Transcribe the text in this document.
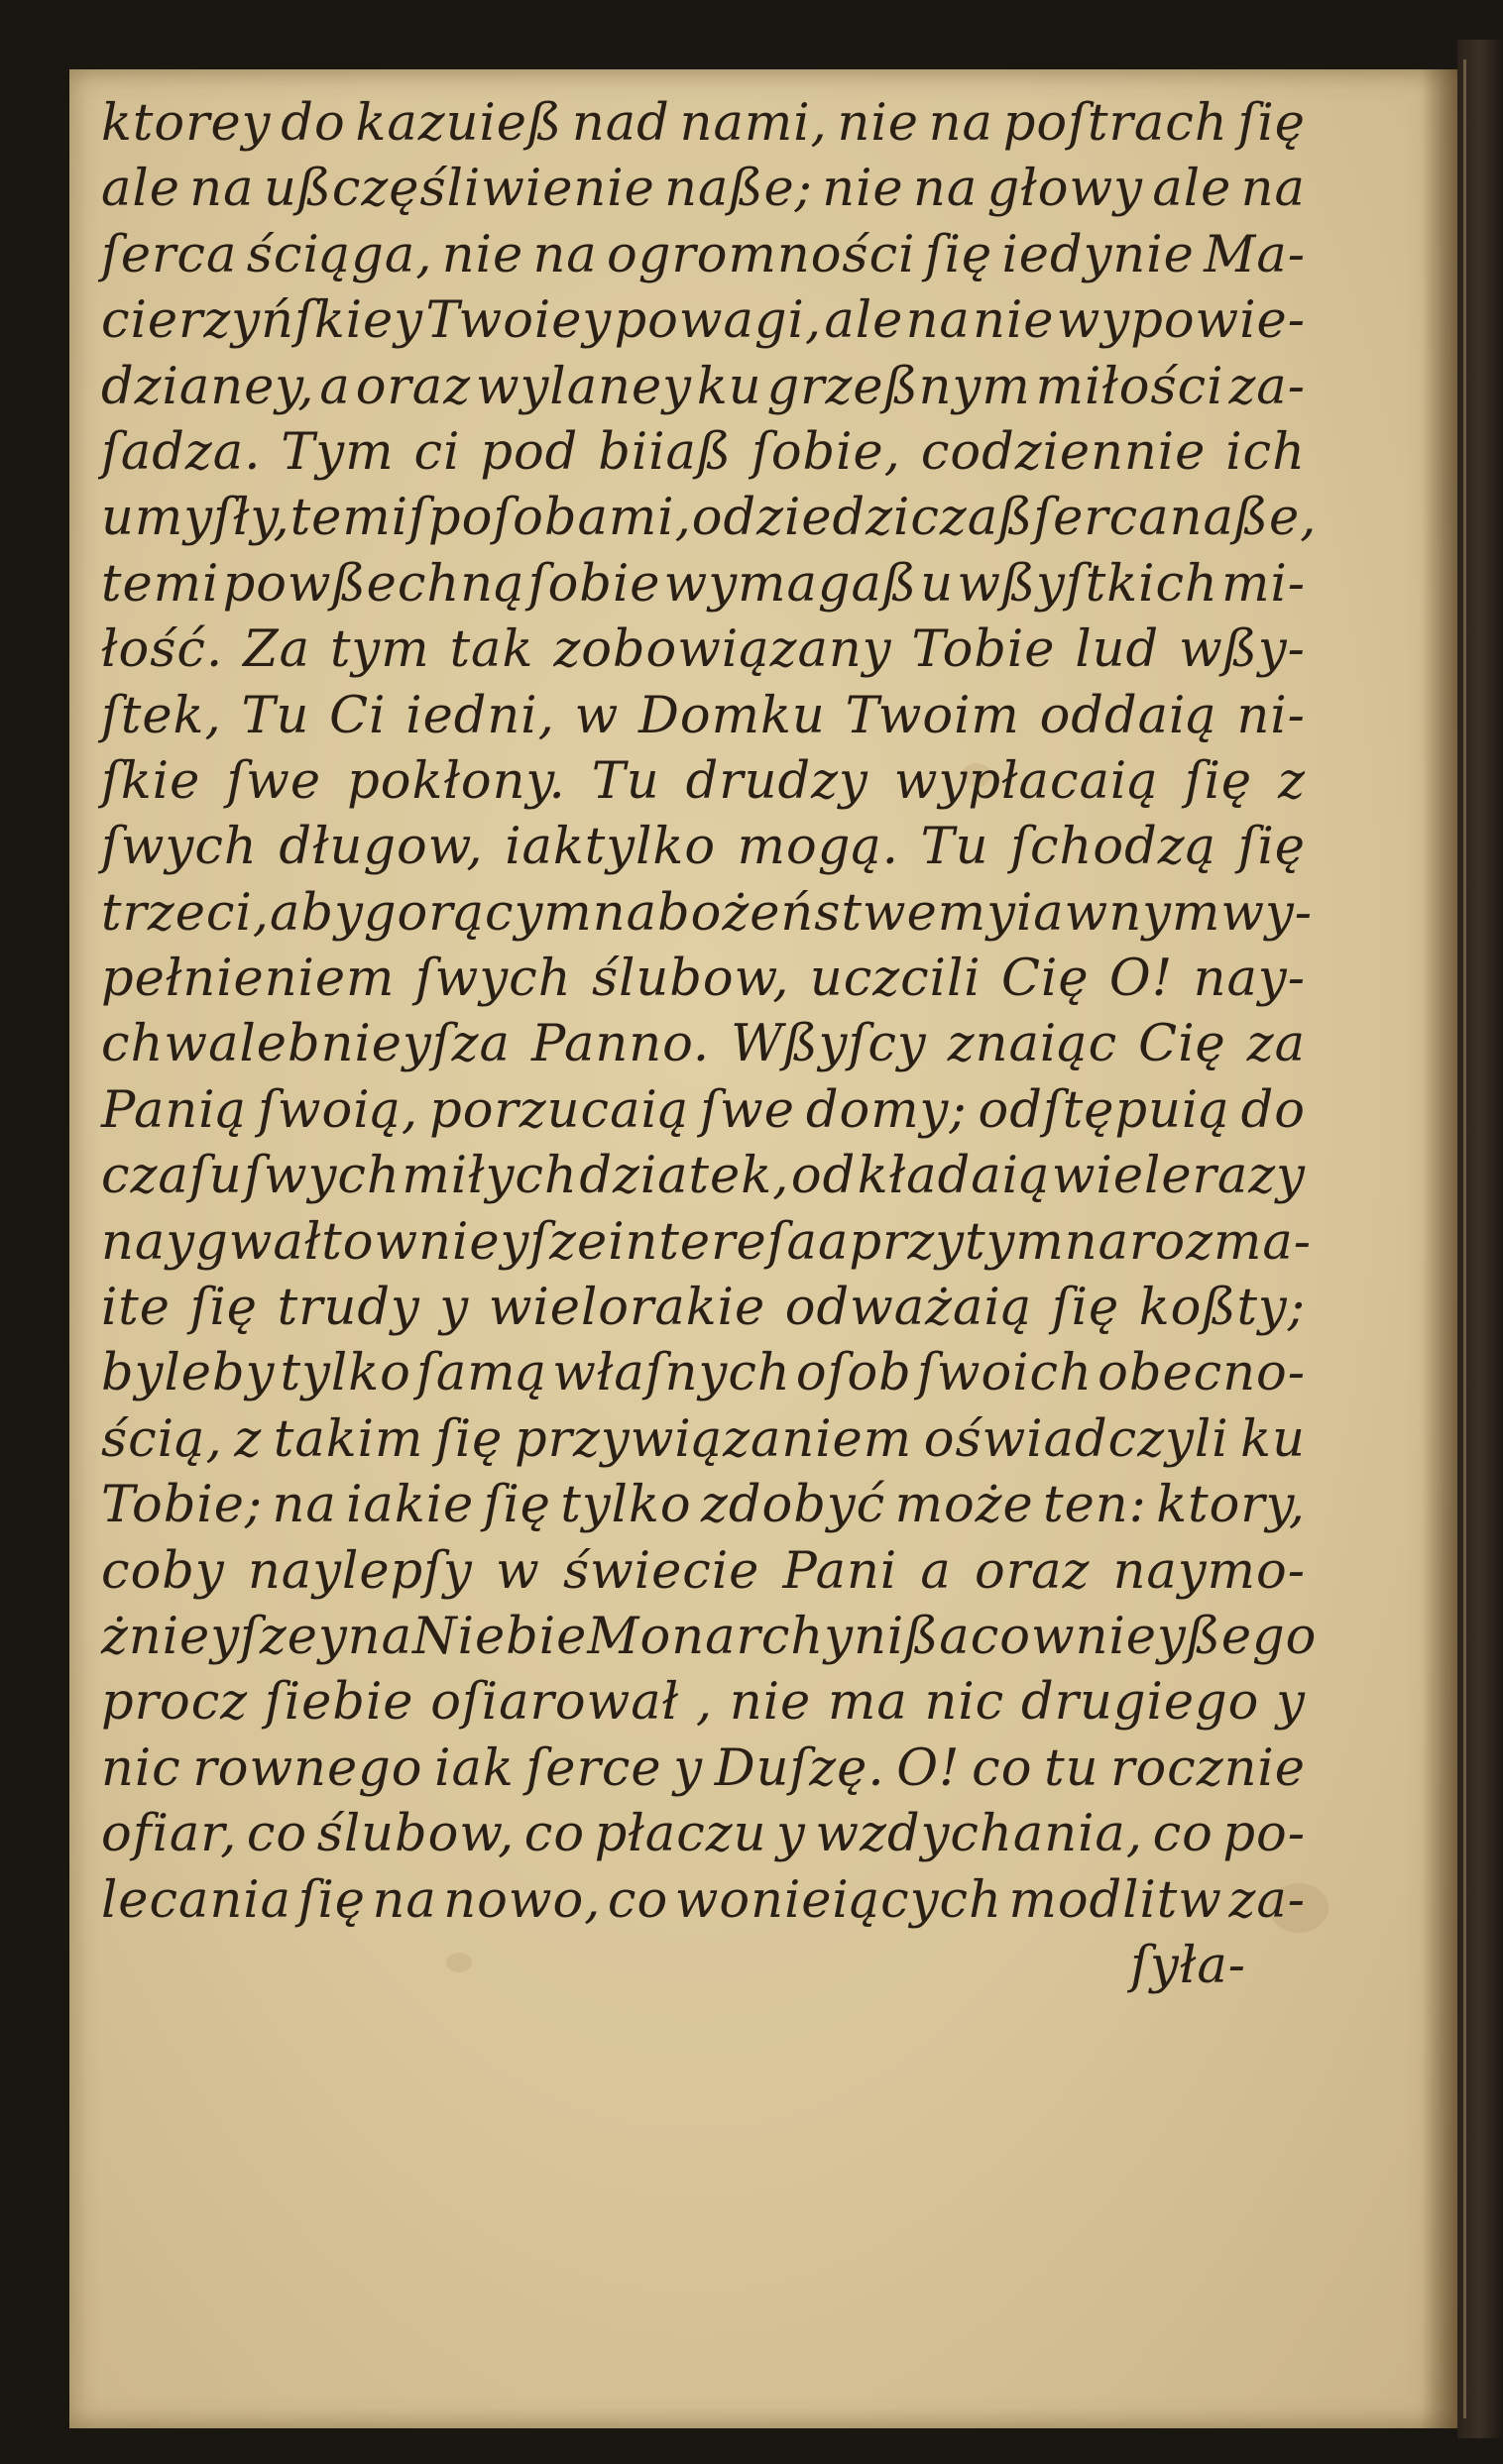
ktorey do kazuieß nad nami, nie na poſtrach ſię
ale na ußczęśliwienie naße; nie na głowy ale na
ſerca ściąga, nie na ogromności ſię iedynie Ma-
cierzyńſkiey Twoiey powagi, ale na nie wypowie-
dzianey, a oraz wylaney ku grzeßnym miłości za-
ſadza. Tym ci pod biiaß ſobie, codziennie ich
umyſły, temi ſpoſobami, odziedziczaß ſerca naße,
temi powßechną ſobie wymagaß u wßyſtkich mi-
łość. Za tym tak zobowiązany Tobie lud wßy-
ſtek, Tu Ci iedni, w Domku Twoim oddaią ni-
ſkie ſwe pokłony. Tu drudzy wypłacaią ſię z
ſwych długow, iaktylko mogą. Tu ſchodzą ſię
trzeci, aby gorącym nabożeństwem y iawnym wy-
pełnieniem ſwych ślubow, uczcili Cię O! nay-
chwalebnieyſza Panno. Wßyſcy znaiąc Cię za
Panią ſwoią, porzucaią ſwe domy; odſtępuią do
czaſu ſwych miłych dziatek, od kładaią wielerazy
naygwałtownieyſze intereſa a przy tym na rozma-
ite ſię trudy y wielorakie odważaią ſię koßty;
byleby tylko ſamą właſnych oſob ſwoich obecno-
ścią, z takim ſię przywiązaniem oświadczyli ku
Tobie; na iakie ſię tylko zdobyć może ten: ktory,
coby naylepſy w świecie Pani a oraz naymo-
żnieyſzey na Niebie Monarchyni ßacownieyßego
procz ſiebie oſiarował , nie ma nic drugiego y
nic rownego iak ſerce y Duſzę. O! co tu rocznie
ofiar, co ślubow, co płaczu y wzdychania, co po-
lecania ſię na nowo, co wonieiących modlitw za-
ſyła-
